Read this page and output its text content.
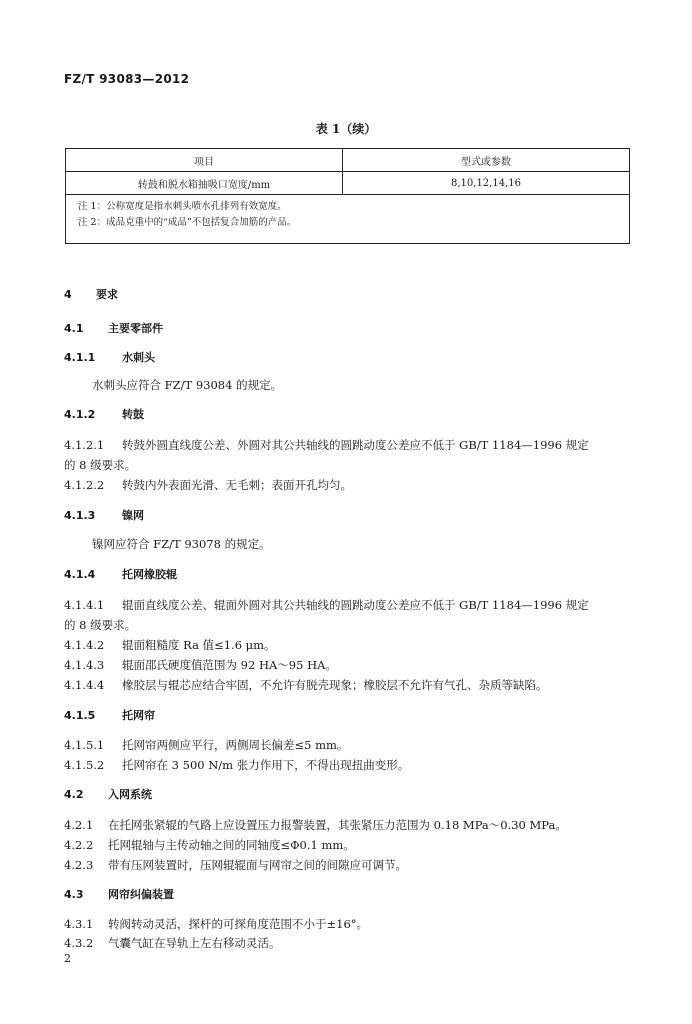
FZ/T 93083—2012
表 1（续）
项目	型式或参数
转鼓和脱水箱抽吸口宽度/mm	8,10,12,14,16

注 1：公称宽度是指水刺头喷水孔排列有效宽度。
注 2：成品克重中的“成品”不包括复合加筋的产品。	
4 要求
4.1 主要零部件
4.1.1 水刺头
水刺头应符合 FZ/T 93084 的规定。
4.1.2 转鼓
4.1.2.1 转鼓外圆直线度公差、外圆对其公共轴线的圆跳动度公差应不低于 GB/T 1184—1996 规定
的 8 级要求。
4.1.2.2 转鼓内外表面光滑、无毛刺；表面开孔均匀。
4.1.3 镍网
镍网应符合 FZ/T 93078 的规定。
4.1.4 托网橡胶辊
4.1.4.1 辊面直线度公差、辊面外圆对其公共轴线的圆跳动度公差应不低于 GB/T 1184—1996 规定
的 8 级要求。
4.1.4.2 辊面粗糙度 Ra 值≤1.6 μm。
4.1.4.3 辊面邵氏硬度值范围为 92 HA～95 HA。
4.1.4.4 橡胶层与辊芯应结合牢固，不允许有脱壳现象；橡胶层不允许有气孔、杂质等缺陷。
4.1.5 托网帘
4.1.5.1 托网帘两侧应平行，两侧周长偏差≤5 mm。
4.1.5.2 托网帘在 3 500 N/m 张力作用下，不得出现扭曲变形。
4.2 入网系统
4.2.1 在托网张紧辊的气路上应设置压力报警装置，其张紧压力范围为 0.18 MPa～0.30 MPa。
4.2.2 托网辊轴与主传动轴之间的同轴度≤Φ0.1 mm。
4.2.3 带有压网装置时，压网辊辊面与网帘之间的间隙应可调节。
4.3 网帘纠偏装置
4.3.1 转阀转动灵活，探杆的可探角度范围不小于±16°。
4.3.2 气囊气缸在导轨上左右移动灵活。
2
